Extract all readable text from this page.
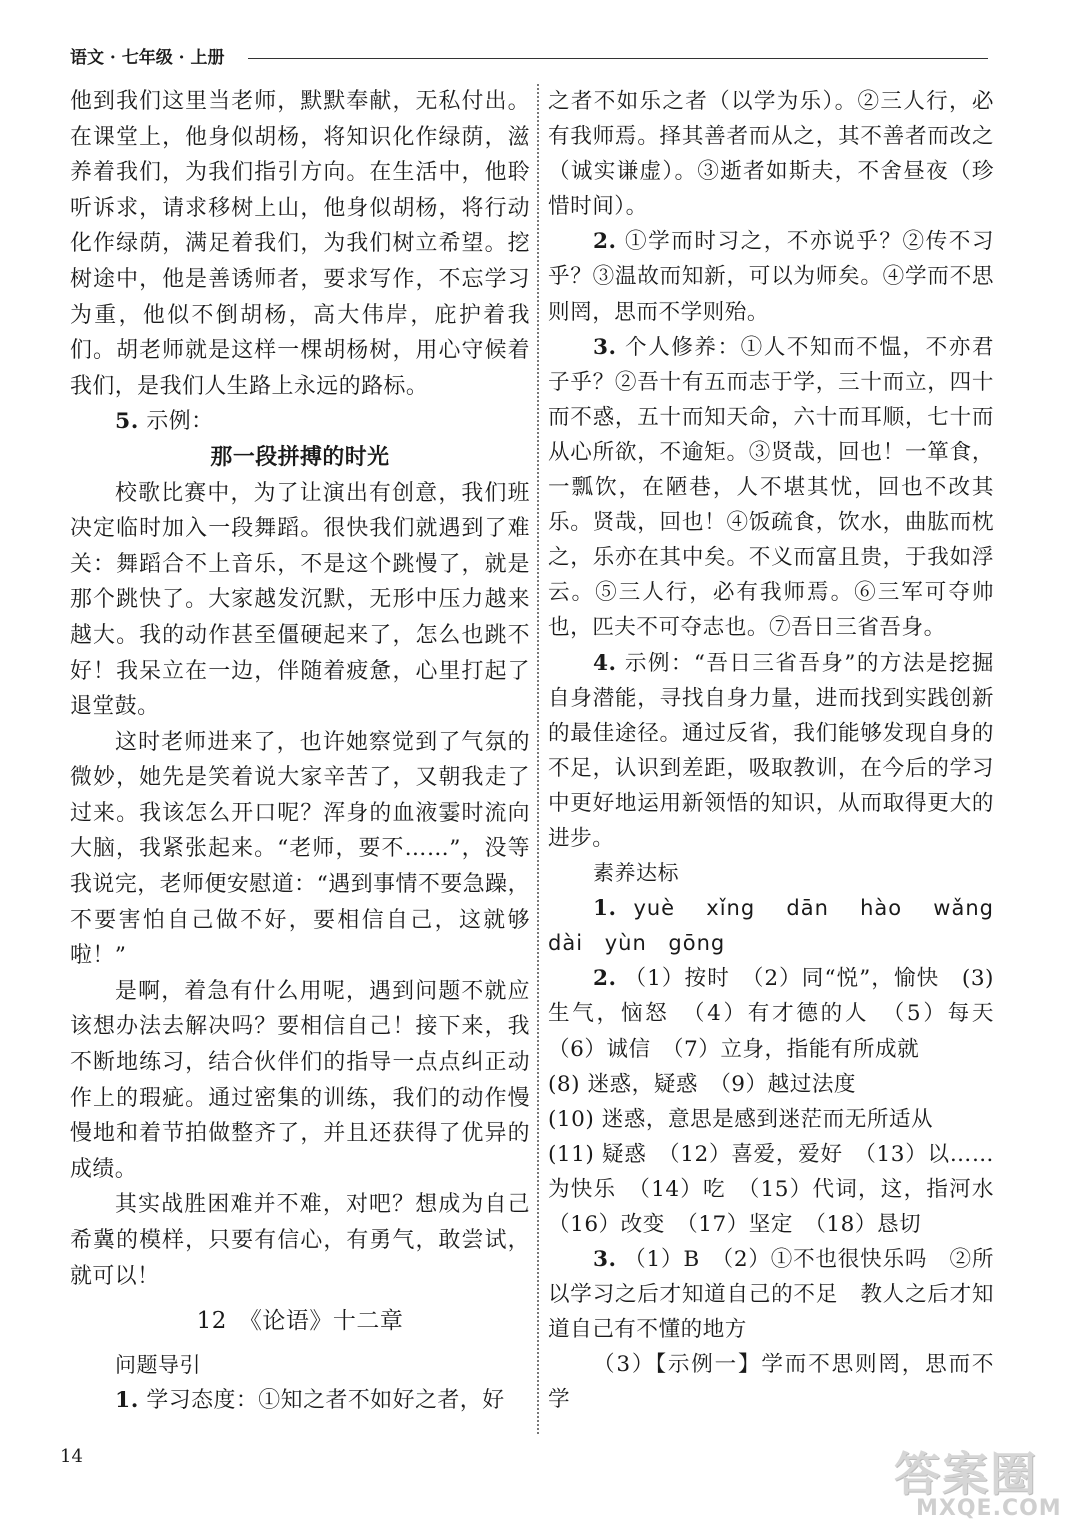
语文 · 七年级 · 上册

他到我们这里当老师，默默奉献，无私付出。在课堂上，他身似胡杨，将知识化作绿荫，滋养着我们，为我们指引方向。在生活中，他聆听诉求，请求移树上山，他身似胡杨，将行动化作绿荫，满足着我们，为我们树立希望。挖树途中，他是善诱师者，要求写作，不忘学习为重，他似不倒胡杨，高大伟岸，庇护着我们。胡老师就是这样一棵胡杨树，用心守候着我们，是我们人生路上永远的路标。

5. 示例：

那一段拼搏的时光

校歌比赛中，为了让演出有创意，我们班决定临时加入一段舞蹈。很快我们就遇到了难关：舞蹈合不上音乐，不是这个跳慢了，就是那个跳快了。大家越发沉默，无形中压力越来越大。我的动作甚至僵硬起来了，怎么也跳不好！我呆立在一边，伴随着疲惫，心里打起了退堂鼓。

这时老师进来了，也许她察觉到了气氛的微妙，她先是笑着说大家辛苦了，又朝我走了过来。我该怎么开口呢？浑身的血液霎时流向大脑，我紧张起来。“老师，要不……”，没等我说完，老师便安慰道：“遇到事情不要急躁，不要害怕自己做不好，要相信自己，这就够啦！”

是啊，着急有什么用呢，遇到问题不就应该想办法去解决吗？要相信自己！接下来，我不断地练习，结合伙伴们的指导一点点纠正动作上的瑕疵。通过密集的训练，我们的动作慢慢地和着节拍做整齐了，并且还获得了优异的成绩。

其实战胜困难并不难，对吧？想成为自己希冀的模样，只要有信心，有勇气，敢尝试，就可以！

12　《论语》十二章

问题导引

1. 学习态度：①知之者不如好之者，好

之者不如乐之者（以学为乐）。②三人行，必有我师焉。择其善者而从之，其不善者而改之（诚实谦虚）。③逝者如斯夫，不舍昼夜（珍惜时间）。

2. ①学而时习之，不亦说乎？②传不习乎？③温故而知新，可以为师矣。④学而不思则罔，思而不学则殆。

3. 个人修养：①人不知而不愠，不亦君子乎？②吾十有五而志于学，三十而立，四十而不惑，五十而知天命，六十而耳顺，七十而从心所欲，不逾矩。③贤哉，回也！一箪食，一瓢饮，在陋巷，人不堪其忧，回也不改其乐。贤哉，回也！④饭疏食，饮水，曲肱而枕之，乐亦在其中矣。不义而富且贵，于我如浮云。⑤三人行，必有我师焉。⑥三军可夺帅也，匹夫不可夺志也。⑦吾日三省吾身。

4. 示例：“吾日三省吾身”的方法是挖掘自身潜能，寻找自身力量，进而找到实践创新的最佳途径。通过反省，我们能够发现自身的不足，认识到差距，吸取教训，在今后的学习中更好地运用新领悟的知识，从而取得更大的进步。

素养达标

1. yuè xǐng dān hào wǎng dài yùn gōng

2. （1）按时　（2）同“悦”，愉快　(3) 生气，恼怒　（4）有才德的人　（5）每天　（6）诚信　（7）立身，指能有所成就

(8) 迷惑，疑惑　（9）越过法度

(10) 迷惑，意思是感到迷茫而无所适从

(11) 疑惑　（12）喜爱，爱好　（13）以……为快乐　（14）吃　（15）代词，这，指河水　（16）改变　（17）坚定　（18）恳切

3. （1）B　（2）①不也很快乐吗　②所以学习之后才知道自己的不足　教人之后才知道自己有不懂的地方

（3）【示例一】学而不思则罔，思而不学

14	答案圈
MXQE.COM
